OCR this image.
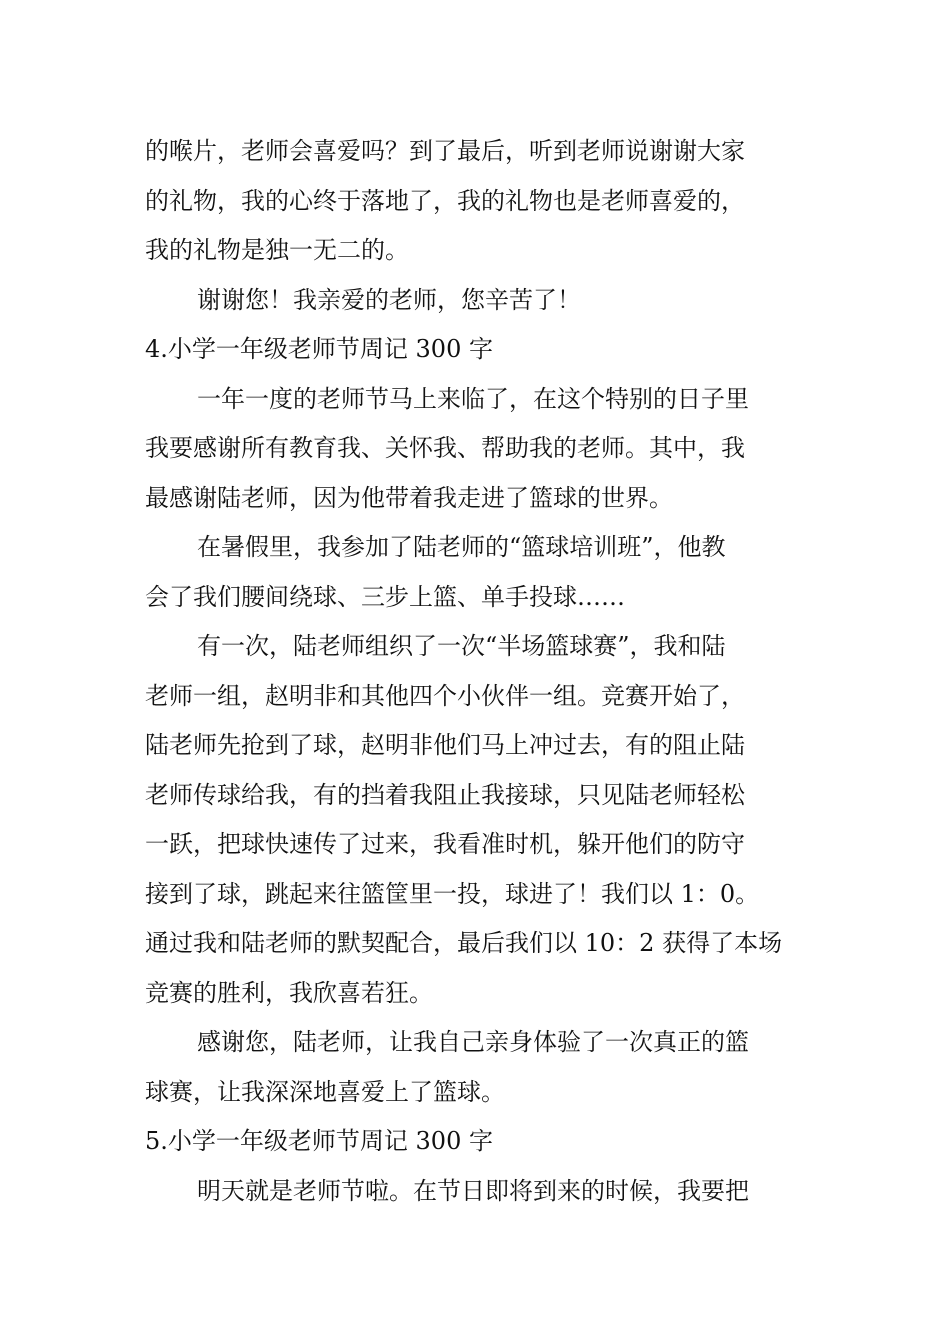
的喉片，老师会喜爱吗？到了最后，听到老师说谢谢大家
的礼物，我的心终于落地了，我的礼物也是老师喜爱的，
我的礼物是独一无二的。
谢谢您！我亲爱的老师，您辛苦了！
4.小学一年级老师节周记 300 字
一年一度的老师节马上来临了，在这个特别的日子里
我要感谢所有教育我、关怀我、帮助我的老师。其中，我
最感谢陆老师，因为他带着我走进了篮球的世界。
在暑假里，我参加了陆老师的“篮球培训班”，他教
会了我们腰间绕球、三步上篮、单手投球……
有一次，陆老师组织了一次“半场篮球赛”，我和陆
老师一组，赵明非和其他四个小伙伴一组。竞赛开始了，
陆老师先抢到了球，赵明非他们马上冲过去，有的阻止陆
老师传球给我，有的挡着我阻止我接球，只见陆老师轻松
一跃，把球快速传了过来，我看准时机，躲开他们的防守
接到了球，跳起来往篮筐里一投，球进了！我们以 1：0。
通过我和陆老师的默契配合，最后我们以 10：2 获得了本场
竞赛的胜利，我欣喜若狂。
感谢您，陆老师，让我自己亲身体验了一次真正的篮
球赛，让我深深地喜爱上了篮球。
5.小学一年级老师节周记 300 字
明天就是老师节啦。在节日即将到来的时候，我要把
